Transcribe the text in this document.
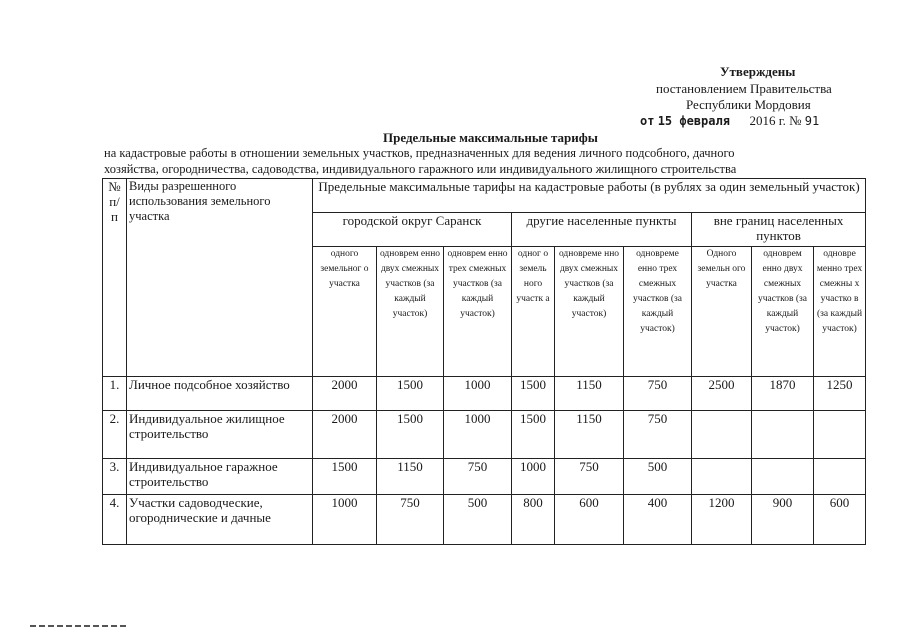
Утверждены
постановлением Правительства
Республики Мордовия
от 15 февраля 2016 г. № 91
Предельные максимальные тарифы
на кадастровые работы в отношении земельных участков, предназначенных для ведения личного подсобного, дачного
хозяйства, огородничества, садоводства, индивидуального гаражного или индивидуального жилищного строительства
№ п/ п	Виды разрешенного использования земельного участка	Предельные максимальные тарифы на кадастровые работы (в рублях за один земельный участок)								
		городской округ Саранск			другие населенные пункты			вне границ населенных пунктов		
		одного земельног о участка	одноврем енно двух смежных участков (за каждый участок)	одноврем енно трех смежных участков (за каждый участок)	одног о земель ного участк а	одновреме нно двух смежных участков (за каждый участок)	одновреме енно трех смежных участков (за каждый участок)	Одного земельн ого участка	одноврем енно двух смежных участков (за каждый участок)	одновре менно трех смежны х участко в (за каждый участок)
1.	Личное подсобное хозяйство	2000	1500	1000	1500	1150	750	2500	1870	1250
2.	Индивидуальное жилищное строительство	2000	1500	1000	1500	1150	750			
3.	Индивидуальное гаражное строительство	1500	1150	750	1000	750	500			
4.	Участки садоводческие, огороднические и дачные	1000	750	500	800	600	400	1200	900	600
